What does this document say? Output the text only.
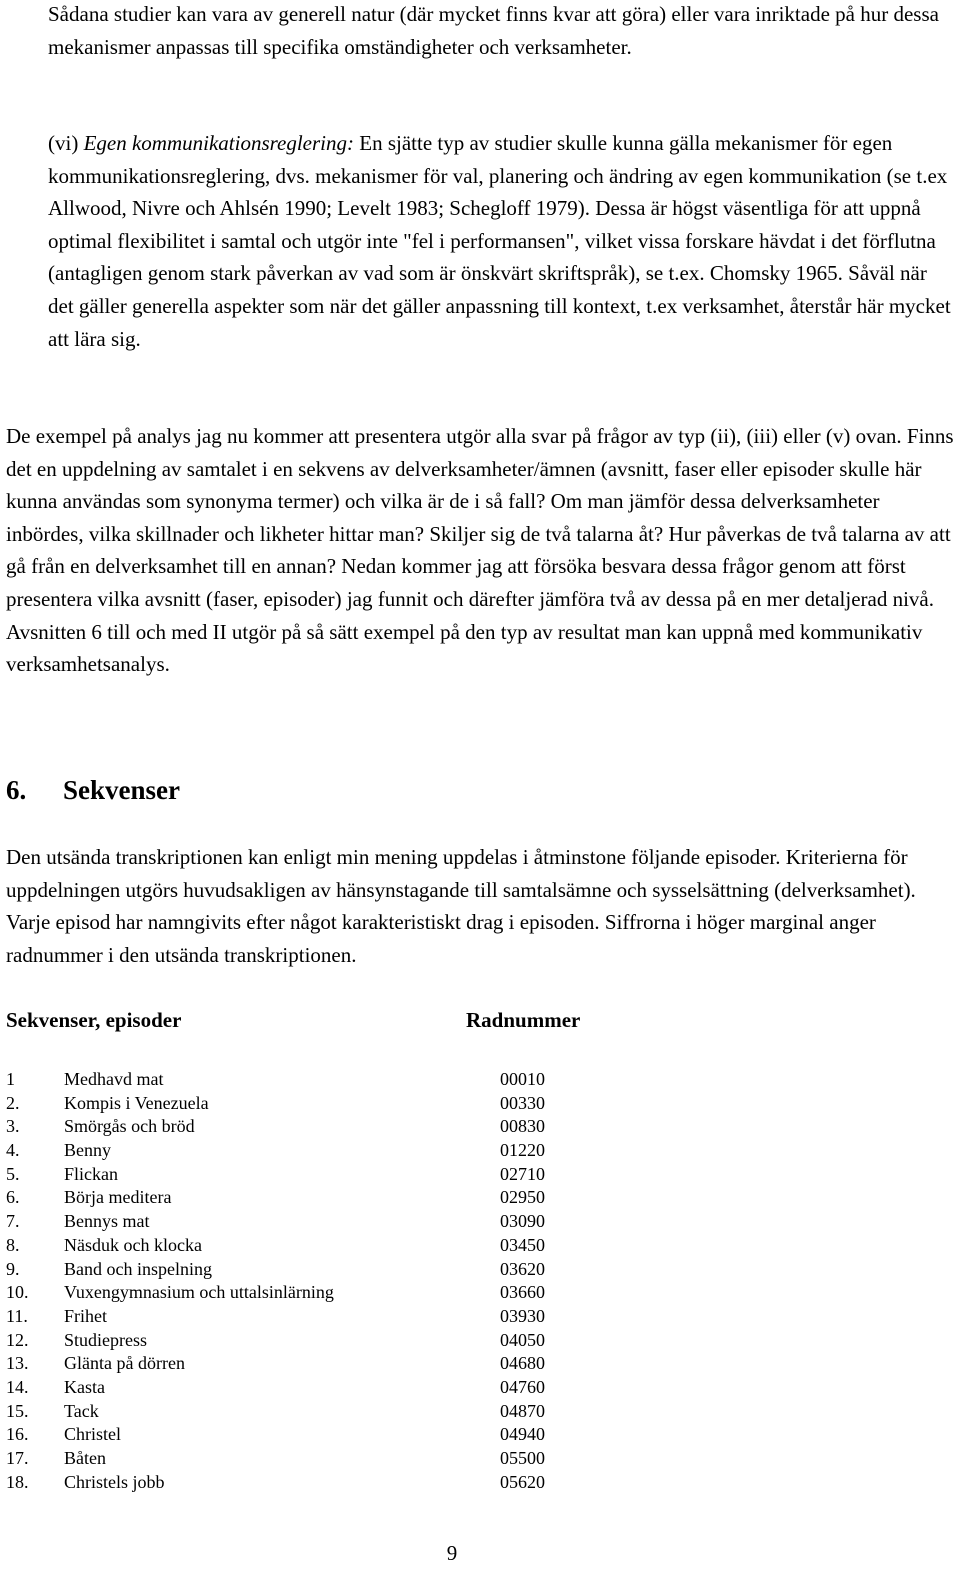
Sådana studier kan vara av generell natur (där mycket finns kvar att göra) eller vara inriktade på hur dessa mekanismer anpassas till specifika omständigheter och verksamheter.

(vi) Egen kommunikationsreglering: En sjätte typ av studier skulle kunna gälla mekanismer för egen kommunikationsreglering, dvs. mekanismer för val, planering och ändring av egen kommunikation (se t.ex Allwood, Nivre och Ahlsén 1990; Levelt 1983; Schegloff 1979). Dessa är högst väsentliga för att uppnå optimal flexibilitet i samtal och utgör inte "fel i performansen", vilket vissa forskare hävdat i det förflutna (antagligen genom stark påverkan av vad som är önskvärt skriftspråk), se t.ex. Chomsky 1965. Såväl när det gäller generella aspekter som när det gäller anpassning till kontext, t.ex verksamhet, återstår här mycket att lära sig.

De exempel på analys jag nu kommer att presentera utgör alla svar på frågor av typ (ii), (iii) eller (v) ovan. Finns det en uppdelning av samtalet i en sekvens av delverksamheter/ämnen (avsnitt, faser eller episoder skulle här kunna användas som synonyma termer) och vilka är de i så fall? Om man jämför dessa delverksamheter inbördes, vilka skillnader och likheter hittar man? Skiljer sig de två talarna åt? Hur påverkas de två talarna av att gå från en delverksamhet till en annan? Nedan kommer jag att försöka besvara dessa frågor genom att först presentera vilka avsnitt (faser, episoder) jag funnit och därefter jämföra två av dessa på en mer detaljerad nivå. Avsnitten 6 till och med II utgör på så sätt exempel på den typ av resultat man kan uppnå med kommunikativ verksamhetsanalys.

6. Sekvenser

Den utsända transkriptionen kan enligt min mening uppdelas i åtminstone följande episoder. Kriterierna för uppdelningen utgörs huvudsakligen av hänsynstagande till samtalsämne och sysselsättning (delverksamhet). Varje episod har namngivits efter något karakteristiskt drag i episoden. Siffrorna i höger marginal anger radnummer i den utsända transkriptionen.

Sekvenser, episoder	Radnummer

1	Medhavd mat	00010
2. Kompis i Venezuela	00330
3. Smörgås och bröd	00830
4. Benny	01220
5. Flickan	02710
6. Börja meditera	02950
7. Bennys mat	03090
8. Näsduk och klocka	03450
9. Band och inspelning	03620
10. Vuxengymnasium och uttalsinlärning	03660
11. Frihet	03930
12. Studiepress	04050
13. Glänta på dörren	04680
14. Kasta	04760
15. Tack	04870
16. Christel	04940
17. Båten	05500
18. Christels jobb	05620

9
